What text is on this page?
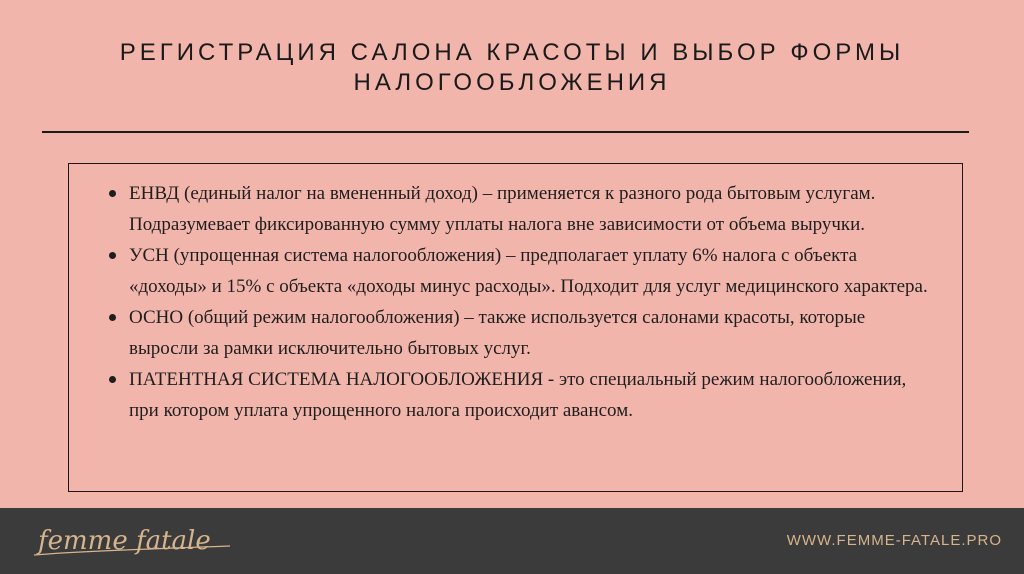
РЕГИСТРАЦИЯ САЛОНА КРАСОТЫ И ВЫБОР ФОРМЫ
НАЛОГООБЛОЖЕНИЯ
ЕНВД (единый налог на вмененный доход) – применяется к разного рода бытовым услугам. Подразумевает фиксированную сумму уплаты налога вне зависимости от объема выручки.
УСН (упрощенная система налогообложения) – предполагает уплату 6% налога с объекта «доходы» и 15% с объекта «доходы минус расходы». Подходит для услуг медицинского характера.
ОСНО (общий режим налогообложения) – также используется салонами красоты, которые выросли за рамки исключительно бытовых услуг.
ПАТЕНТНАЯ СИСТЕМА НАЛОГООБЛОЖЕНИЯ - это специальный режим налогообложения, при котором уплата упрощенного налога происходит авансом.
femme fatale	WWW.FEMME-FATALE.PRO
